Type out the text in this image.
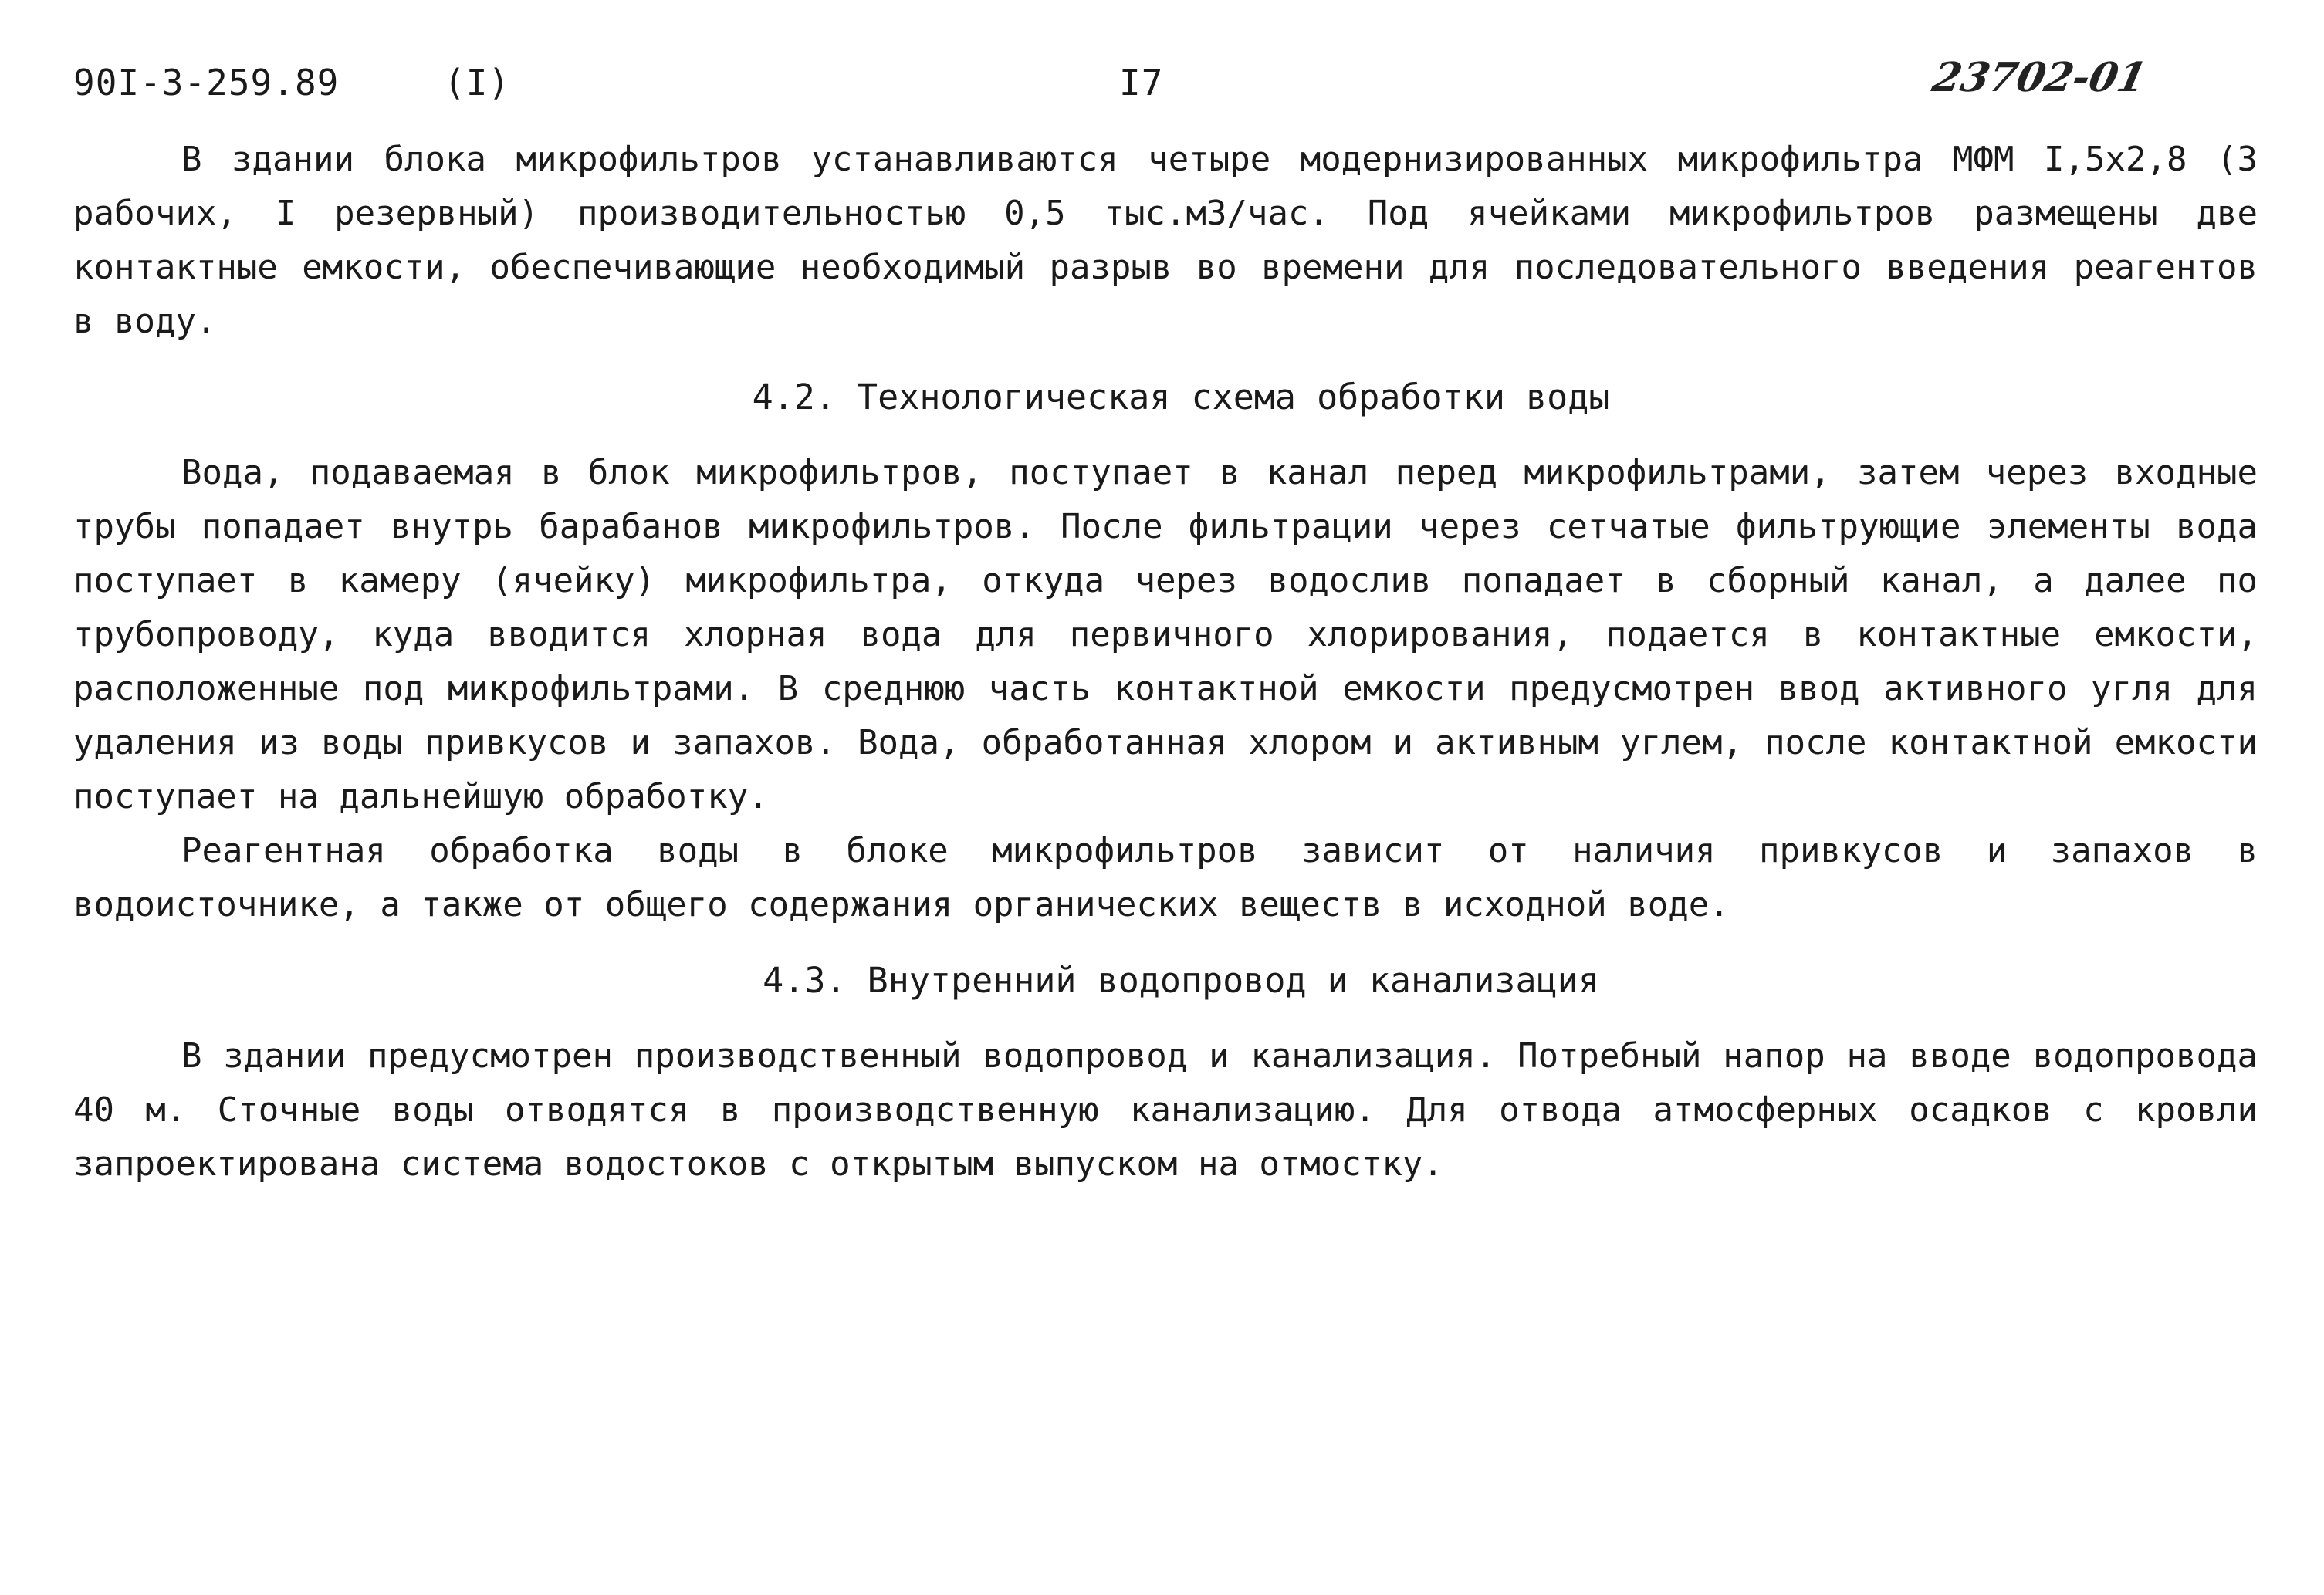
90I-3-259.89	(I)	I7	23702-01

В здании блока микрофильтров устанавливаются четыре модернизированных микрофильтра МФМ I,5x2,8 (3 рабочих, I резервный) производительностью 0,5 тыс.м3/час. Под ячейками микрофильтров размещены две контактные емкости, обеспечивающие необходимый разрыв во времени для последовательного введения реагентов в воду.

4.2. Технологическая схема обработки воды

Вода, подаваемая в блок микрофильтров, поступает в канал перед микрофильтрами, затем через входные трубы попадает внутрь барабанов микрофильтров. После фильтрации через сетчатые фильтрующие элементы вода поступает в камеру (ячейку) микрофильтра, откуда через водослив попадает в сборный канал, а далее по трубопроводу, куда вводится хлорная вода для первичного хлорирования, подается в контактные емкости, расположенные под микрофильтрами. В среднюю часть контактной емкости предусмотрен ввод активного угля для удаления из воды привкусов и запахов. Вода, обработанная хлором и активным углем, после контактной емкости поступает на дальнейшую обработку.

Реагентная обработка воды в блоке микрофильтров зависит от наличия привкусов и запахов в водоисточнике, а также от общего содержания органических веществ в исходной воде.

4.3. Внутренний водопровод и канализация

В здании предусмотрен производственный водопровод и канализация. Потребный напор на вводе водопровода 40 м. Сточные воды отводятся в производственную канализацию. Для отвода атмосферных осадков с кровли запроектирована система водостоков с открытым выпуском на отмостку.
